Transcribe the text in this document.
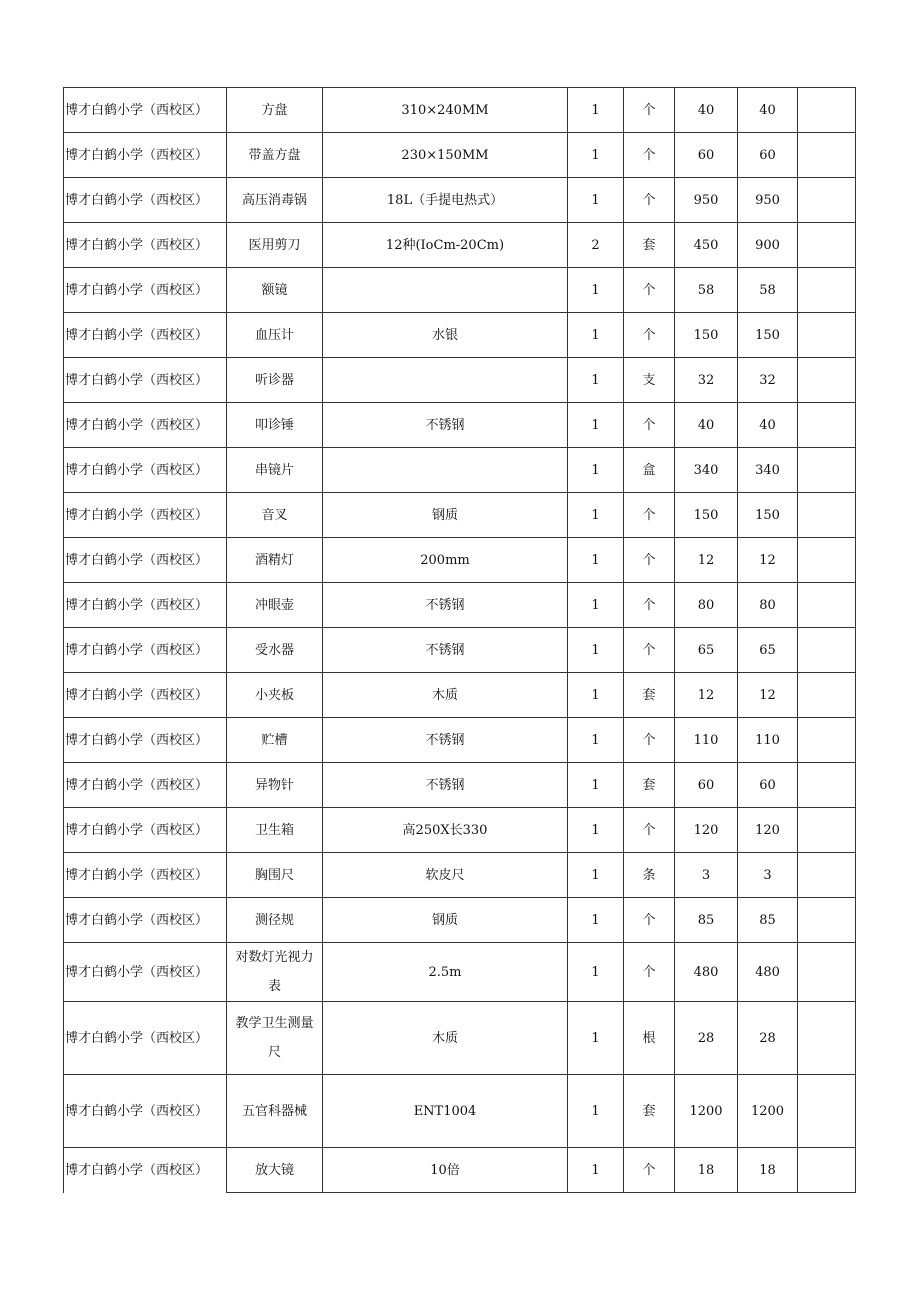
博才白鹤小学（西校区）	方盘	310×240MM	1	个	40	40	
博才白鹤小学（西校区）	带盖方盘	230×150MM	1	个	60	60	
博才白鹤小学（西校区）	高压消毒锅	18L（手提电热式）	1	个	950	950	
博才白鹤小学（西校区）	医用剪刀	12种(IoCm-20Cm)	2	套	450	900	
博才白鹤小学（西校区）	额镜		1	个	58	58	
博才白鹤小学（西校区）	血压计	水银	1	个	150	150	
博才白鹤小学（西校区）	听诊器		1	支	32	32	
博才白鹤小学（西校区）	叩诊锤	不锈钢	1	个	40	40	
博才白鹤小学（西校区）	串镜片		1	盒	340	340	
博才白鹤小学（西校区）	音叉	钢质	1	个	150	150	
博才白鹤小学（西校区）	酒精灯	200mm	1	个	12	12	
博才白鹤小学（西校区）	冲眼壶	不锈钢	1	个	80	80	
博才白鹤小学（西校区）	受水器	不锈钢	1	个	65	65	
博才白鹤小学（西校区）	小夹板	木质	1	套	12	12	
博才白鹤小学（西校区）	贮槽	不锈钢	1	个	110	110	
博才白鹤小学（西校区）	异物针	不锈钢	1	套	60	60	
博才白鹤小学（西校区）	卫生箱	高250X长330	1	个	120	120	
博才白鹤小学（西校区）	胸围尺	软皮尺	1	条	3	3	
博才白鹤小学（西校区）	测径规	钢质	1	个	85	85	
博才白鹤小学（西校区）	对数灯光视力表	2.5m	1	个	480	480	
博才白鹤小学（西校区）	教学卫生测量尺	木质	1	根	28	28	
博才白鹤小学（西校区）	五官科器械	ENT1004	1	套	1200	1200	
博才白鹤小学（西校区）	放大镜	10倍	1	个	18	18	
